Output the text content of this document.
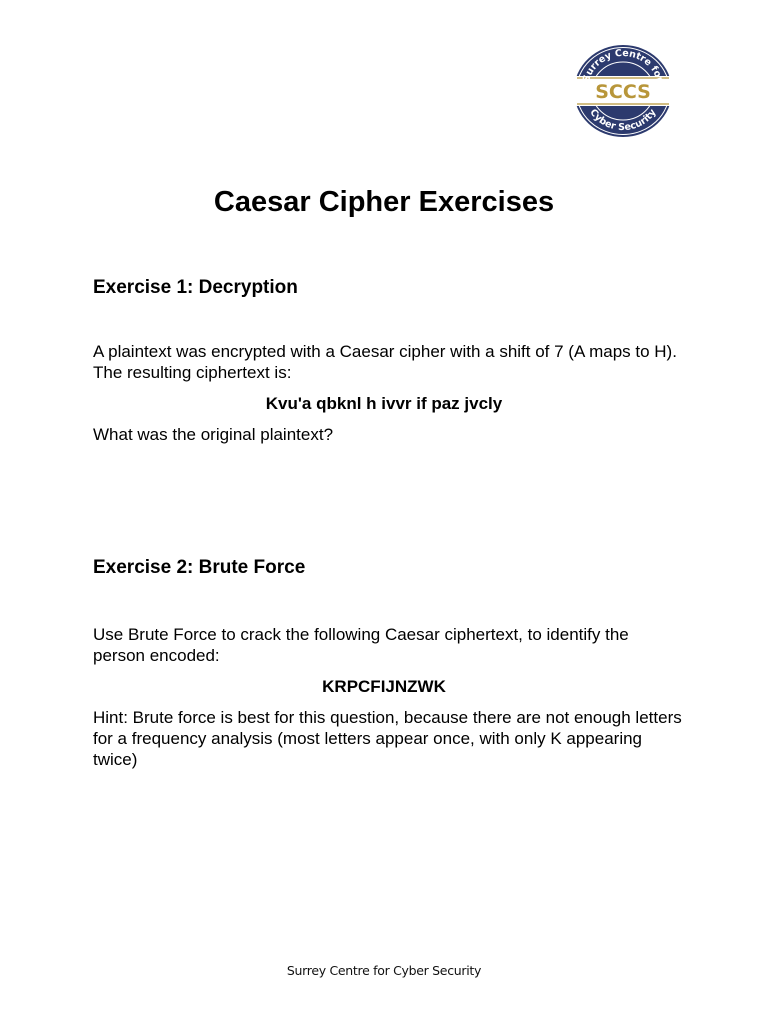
SCCS
Surrey Centre for
Cyber Security
Caesar Cipher Exercises
Exercise 1: Decryption

A plaintext was encrypted with a Caesar cipher with a shift of 7 (A maps to H). The resulting ciphertext is:

Kvu'a qbknl h ivvr if paz jvcly

What was the original plaintext?

Exercise 2: Brute Force

Use Brute Force to crack the following Caesar ciphertext, to identify the person encoded:

KRPCFIJNZWK

Hint: Brute force is best for this question, because there are not enough letters for a frequency analysis (most letters appear once, with only K appearing twice)

Surrey Centre for Cyber Security
